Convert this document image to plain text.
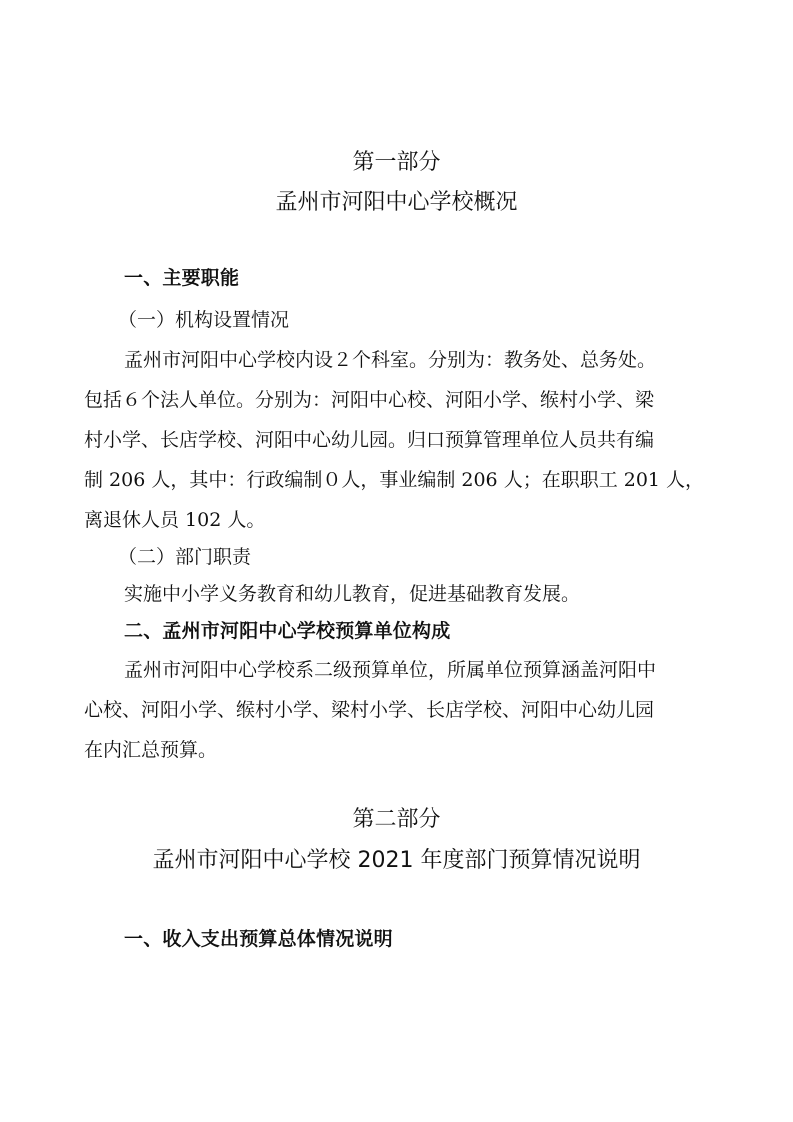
第一部分
孟州市河阳中心学校概况
一、主要职能
（一）机构设置情况
孟州市河阳中心学校内设２个科室。分别为：教务处、总务处。
包括６个法人单位。分别为：河阳中心校、河阳小学、缑村小学、梁
村小学、长店学校、河阳中心幼儿园。归口预算管理单位人员共有编
制 206 人，其中：行政编制０人，事业编制 206 人；在职职工 201 人，
离退休人员 102 人。
（二）部门职责
实施中小学义务教育和幼儿教育，促进基础教育发展。
二、孟州市河阳中心学校预算单位构成
孟州市河阳中心学校系二级预算单位，所属单位预算涵盖河阳中
心校、河阳小学、缑村小学、梁村小学、长店学校、河阳中心幼儿园
在内汇总预算。
第二部分
孟州市河阳中心学校 2021 年度部门预算情况说明
一、收入支出预算总体情况说明
